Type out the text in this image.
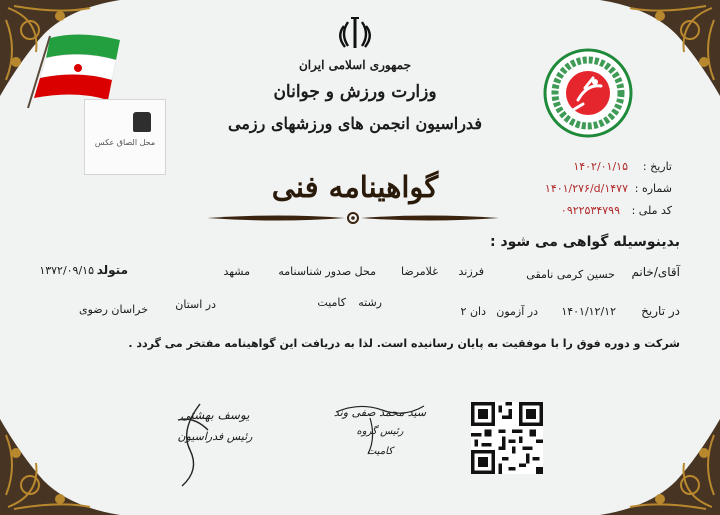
جمهوری اسلامی ایران
وزارت ورزش و جوانان
فدراسیون انجمن های ورزشهای رزمی
گواهینامه فنی
محل الصاق عکس
تاریخ :
۱۴۰۲/۰۱/۱۵
شماره :
۱۴۰۱/۲۷۶/d/۱۴۷۷
کد ملی :
۰۹۲۲۵۳۴۷۹۹
بدینوسیله گواهی می شود :
آقای/خانم
حسین کرمی نامقی
فرزند
غلامرضا
محل صدور شناسنامه
مشهد
متولد
۱۳۷۲/۰۹/۱۵
در تاریخ
۱۴۰۱/۱۲/۱۲
در آزمون
دان ۲
رشته
کامیت
در استان
خراسان رضوی
شرکت و دوره فوق را با موفقیت به پایان رسانیده است. لذا به دریافت این گواهینامه مفتخر می گردد .
یوسف بهشتی
رئیس فدراسیون
سید محمد صفی وند
رئیس گروه
کامیت
